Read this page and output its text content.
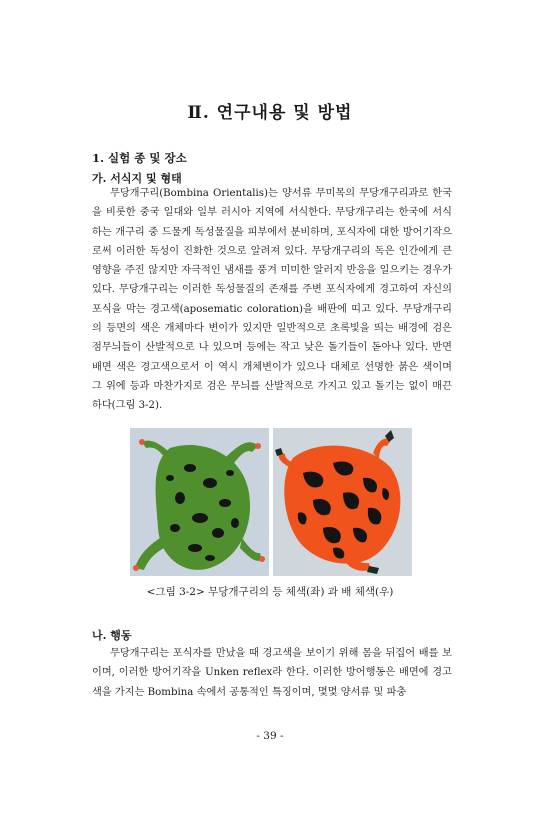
Ⅱ. 연구내용 및 방법
1. 실험 종 및 장소
가. 서식지 및 형태

무당개구리(Bombina Orientalis)는 양서류 무미목의 무당개구리과로 한국을 비롯한 중국 일대와 일부 러시아 지역에 서식한다. 무당개구리는 한국에 서식하는 개구리 중 드물게 독성물질을 피부에서 분비하며, 포식자에 대한 방어기작으로써 이러한 독성이 진화한 것으로 알려져 있다. 무당개구리의 독은 인간에게 큰 영향을 주진 않지만 자극적인 냄새를 풍겨 미미한 알러지 반응을 일으키는 경우가 있다. 무당개구리는 이러한 독성물질의 존재를 주변 포식자에게 경고하여 자신의 포식을 막는 경고색(aposematic coloration)을 배판에 띠고 있다. 무당개구리의 등면의 색은 개체마다 변이가 있지만 일반적으로 초록빛을 띄는 배경에 검은 점무늬들이 산발적으로 나 있으며 등에는 작고 낮은 돌기들이 돋아나 있다. 반면 배면 색은 경고색으로서 이 역시 개체변이가 있으나 대체로 선명한 붉은 색이며 그 위에 등과 마찬가지로 검은 무늬를 산발적으로 가지고 있고 돌기는 없이 매끈하다(그림 3-2).

<그림 3-2> 무당개구리의 등 체색(좌) 과 배 체색(우)
나. 행동

무당개구리는 포식자를 만났을 때 경고색을 보이기 위해 몸을 뒤집어 배를 보이며, 이러한 방어기작을 Unken reflex라 한다. 이러한 방어행동은 배면에 경고색을 가지는 Bombina 속에서 공통적인 특징이며, 몇몇 양서류 및 파충

- 39 -
